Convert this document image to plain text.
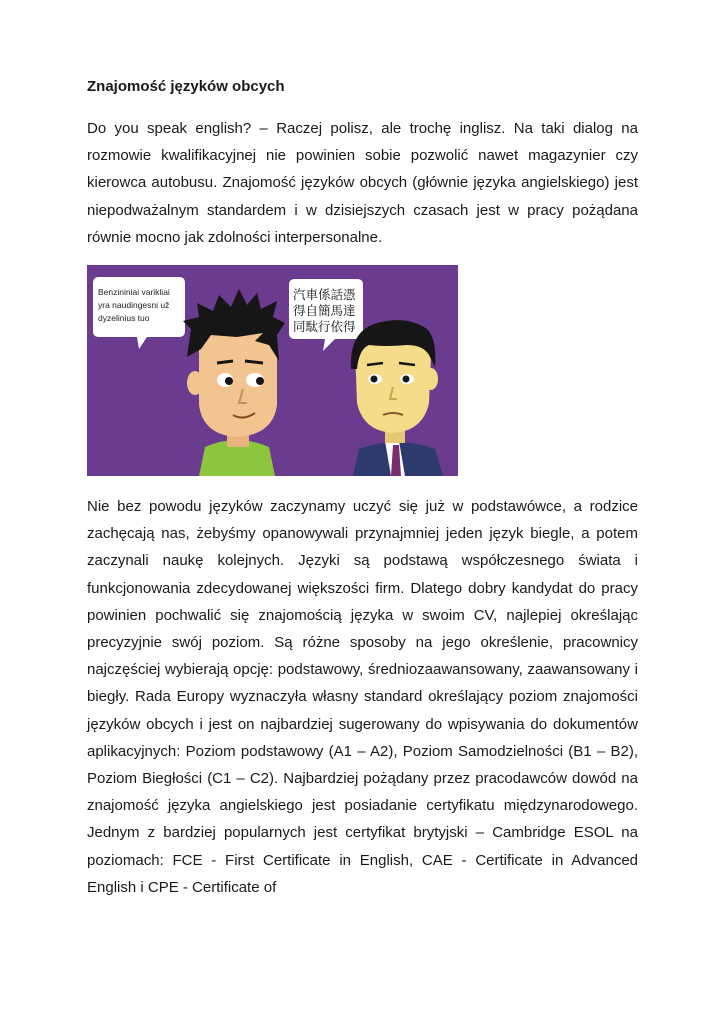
Znajomość języków obcych

Do you speak english? – Raczej polisz, ale trochę inglisz. Na taki dialog na rozmowie kwalifikacyjnej nie powinien sobie pozwolić nawet magazynier czy kierowca autobusu. Znajomość języków obcych (głównie języka angielskiego) jest niepodważalnym standardem i w dzisiejszych czasach jest w pracy pożądana równie mocno jak zdolności interpersonalne.

Benzininiai varikliai
yra naudingesni už
dyzelinius tuo
汽車係話憑
得自簡馬達
同駄行依得

Nie bez powodu języków zaczynamy uczyć się już w podstawówce, a rodzice zachęcają nas, żebyśmy opanowywali przynajmniej jeden język biegle, a potem zaczynali naukę kolejnych. Języki są podstawą współczesnego świata i funkcjonowania zdecydowanej większości firm. Dlatego dobry kandydat do pracy powinien pochwalić się znajomością języka w swoim CV, najlepiej określając precyzyjnie swój poziom. Są różne sposoby na jego określenie, pracownicy najczęściej wybierają opcję: podstawowy, średniozaawansowany, zaawansowany i biegły. Rada Europy wyznaczyła własny standard określający poziom znajomości języków obcych i jest on najbardziej sugerowany do wpisywania do dokumentów aplikacyjnych: Poziom podstawowy (A1 – A2), Poziom Samodzielności (B1 – B2), Poziom Biegłości (C1 – C2). Najbardziej pożądany przez pracodawców dowód na znajomość języka angielskiego jest posiadanie certyfikatu międzynarodowego. Jednym z bardziej popularnych jest certyfikat brytyjski – Cambridge ESOL na poziomach: FCE - First Certificate in English, CAE - Certificate in Advanced English i CPE - Certificate of
